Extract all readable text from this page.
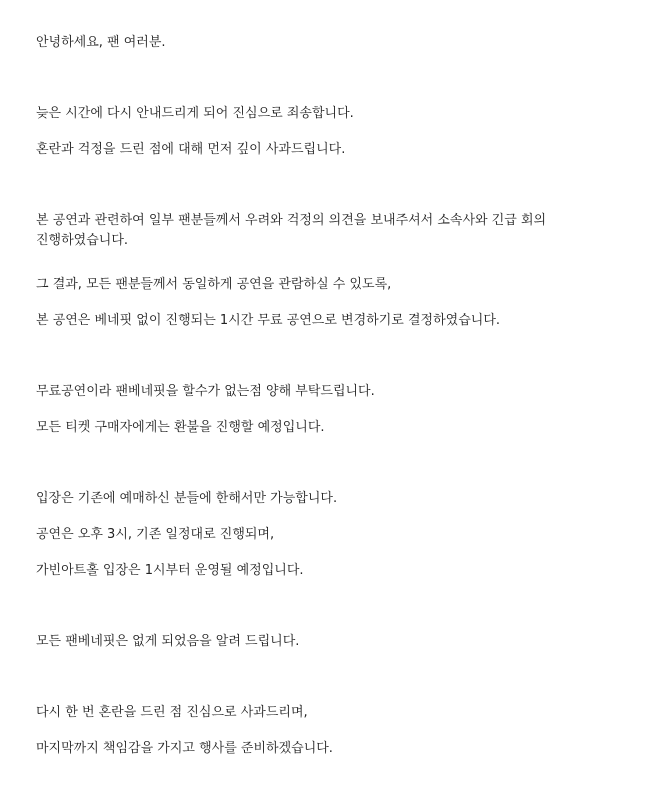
안녕하세요, 팬 여러분.

늦은 시간에 다시 안내드리게 되어 진심으로 죄송합니다.

혼란과 걱정을 드린 점에 대해 먼저 깊이 사과드립니다.

본 공연과 관련하여 일부 팬분들께서 우려와 걱정의 의견을 보내주셔서 소속사와 긴급 회의 진행하였습니다.

그 결과, 모든 팬분들께서 동일하게 공연을 관람하실 수 있도록,

본 공연은 베네핏 없이 진행되는 1시간 무료 공연으로 변경하기로 결정하였습니다.

무료공연이라 팬베네핏을 할수가 없는점 양해 부탁드립니다.

모든 티켓 구매자에게는 환불을 진행할 예정입니다.

입장은 기존에 예매하신 분들에 한해서만 가능합니다.

공연은 오후 3시, 기존 일정대로 진행되며,

가빈아트홀 입장은 1시부터 운영될 예정입니다.

모든 팬베네핏은 없게 되었음을 알려 드립니다.

다시 한 번 혼란을 드린 점 진심으로 사과드리며,

마지막까지 책임감을 가지고 행사를 준비하겠습니다.
